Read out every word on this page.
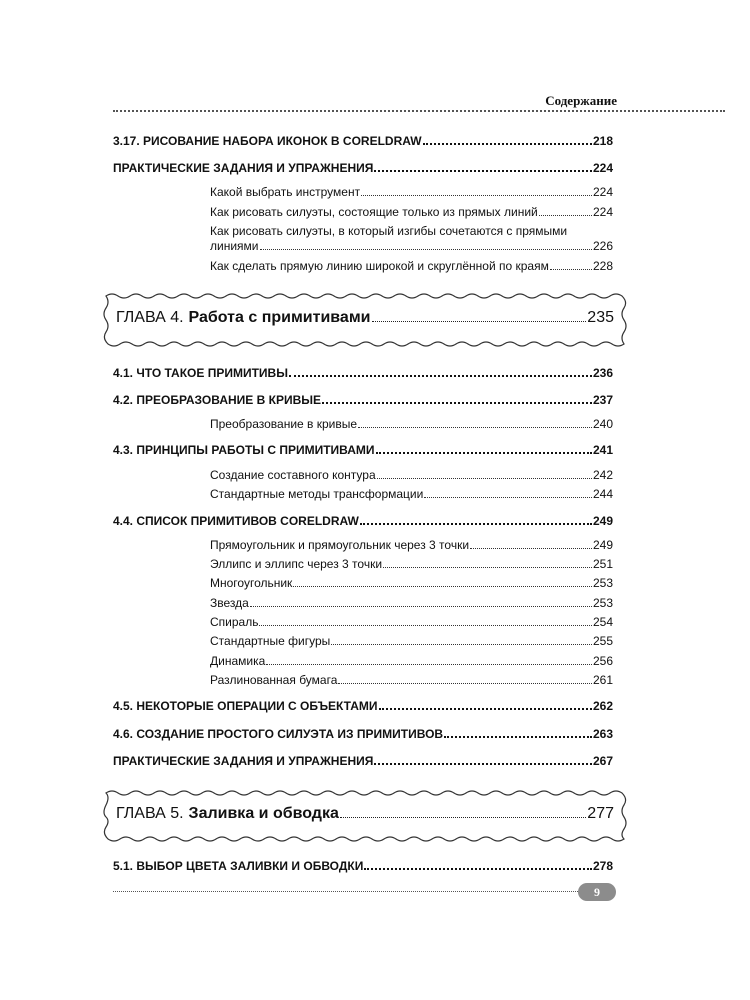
Содержание
3.17. РИСОВАНИЕ НАБОРА ИКОНОК В CORELDRAW	218
ПРАКТИЧЕСКИЕ ЗАДАНИЯ И УПРАЖНЕНИЯ	224
Какой выбрать инструмент	224
Как рисовать силуэты, состоящие только из прямых линий	224
Как рисовать силуэты, в который изгибы сочетаются с прямыми
линиями	226
Как сделать прямую линию широкой и скруглённой по краям	228
ГЛАВА 4. Работа с примитивами	235
4.1. ЧТО ТАКОЕ ПРИМИТИВЫ	236
4.2. ПРЕОБРАЗОВАНИЕ В КРИВЫЕ	237
Преобразование в кривые	240
4.3. ПРИНЦИПЫ РАБОТЫ С ПРИМИТИВАМИ	241
Создание составного контура	242
Стандартные методы трансформации	244
4.4. СПИСОК ПРИМИТИВОВ CORELDRAW	249
Прямоугольник и прямоугольник через 3 точки	249
Эллипс и эллипс через 3 точки	251
Многоугольник	253
Звезда	253
Спираль	254
Стандартные фигуры	255
Динамика	256
Разлинованная бумага	261
4.5. НЕКОТОРЫЕ ОПЕРАЦИИ С ОБЪЕКТАМИ	262
4.6. СОЗДАНИЕ ПРОСТОГО СИЛУЭТА ИЗ ПРИМИТИВОВ	263
ПРАКТИЧЕСКИЕ ЗАДАНИЯ И УПРАЖНЕНИЯ	267
ГЛАВА 5. Заливка и обводка	277
5.1. ВЫБОР ЦВЕТА ЗАЛИВКИ И ОБВОДКИ	278
9
